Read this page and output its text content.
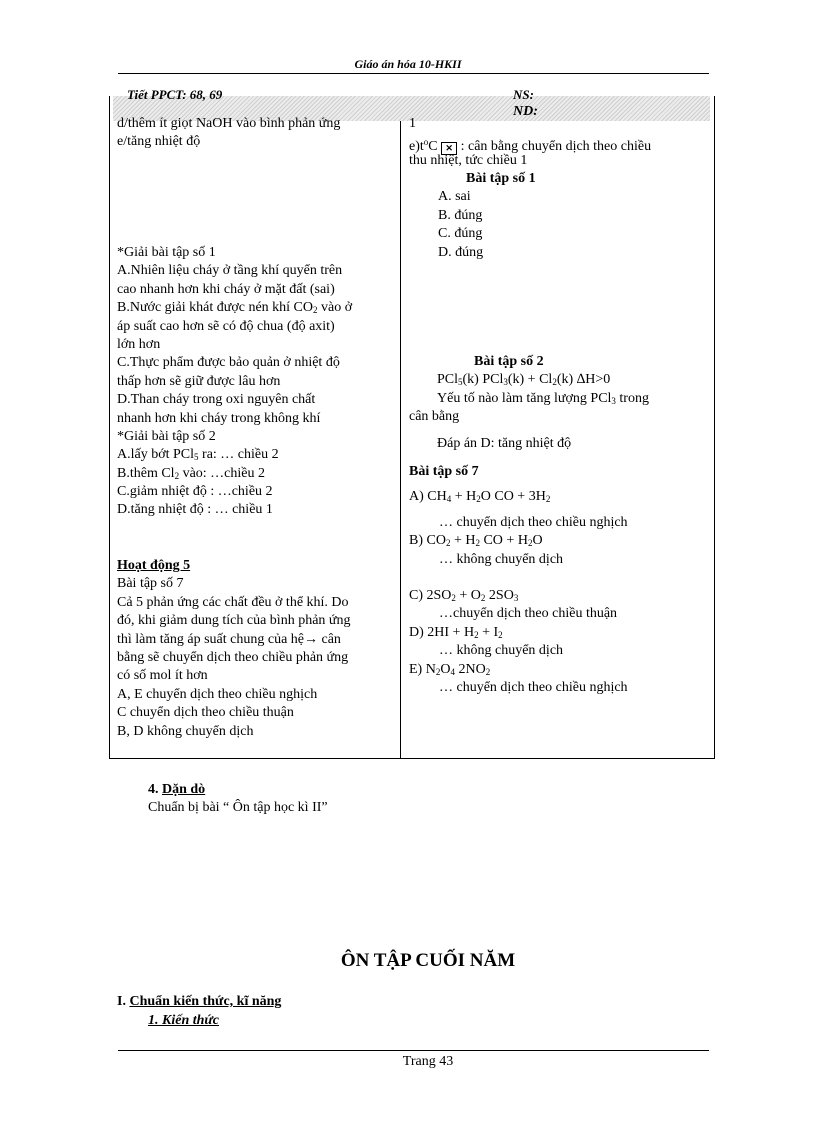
Giáo án hóa 10-HKII
Tiết PPCT: 68, 69	NS:
ND:
d/thêm ít giọt NaOH vào bình phản ứng
e/tăng nhiệt độ
*Giải bài tập số 1
A.Nhiên liệu cháy ở tầng khí quyển trên
cao nhanh hơn khi cháy ở mặt đất (sai)
B.Nước giải khát được nén khí $CO_2$ vào ở
áp suất cao hơn sẽ có độ chua (độ axit)
lớn hơn
C.Thực phẩm được bảo quản ở nhiệt độ
thấp hơn sẽ giữ được lâu hơn
D.Than cháy trong oxi nguyên chất
nhanh hơn khi cháy trong không khí
*Giải bài tập số 2
A.lấy bớt PCl$_5$ ra: … chiều 2
B.thêm $Cl_2$ vào: …chiều 2
C.giảm nhiệt độ : …chiều 2
D.tăng nhiệt độ : … chiều 1
Hoạt động 5
Bài tập số 7
Cả 5 phản ứng các chất đều ở thể khí. Do
đó, khi giảm dung tích của bình phản ứng
thì làm tăng áp suất chung của hệ→ cân
bằng sẽ chuyển dịch theo chiều phản ứng
có số mol ít hơn
A, E chuyển dịch theo chiều nghịch
C chuyển dịch theo chiều thuận
B, D không chuyển dịch
1
$e)t^oC$ ✕ : cân bằng chuyển dịch theo chiều
thu nhiệt, tức chiều 1
Bài tập số 1
A. sai
B. đúng
C. đúng
D. đúng
Bài tập số 2
PCl$_5$(k) $PCl_3(k) + Cl_2(k)$ ∆H>0
Yếu tố nào làm tăng lượng PCl$_3$ trong
cân bằng
Đáp án D: tăng nhiệt độ
Bài tập số 7
A) $CH_4 + H_2O$ CO + $3H_2$
… chuyển dịch theo chiều nghịch
B) $CO_2 + H_2$ CO + $H_2O$
… không chuyển dịch
C) $2SO_2 + O_2$ $2SO_3$
…chuyển dịch theo chiều thuận
D) $2HI + H_2 + I_2$
… không chuyển dịch
E) $N_2O_4$ $2NO_2$
… chuyển dịch theo chiều nghịch
4. Dặn dò
Chuẩn bị bài “ Ôn tập học kì II”
ÔN TẬP CUỐI NĂM
I. Chuẩn kiến thức, kĩ năng
1. Kiến thức
Trang 43
